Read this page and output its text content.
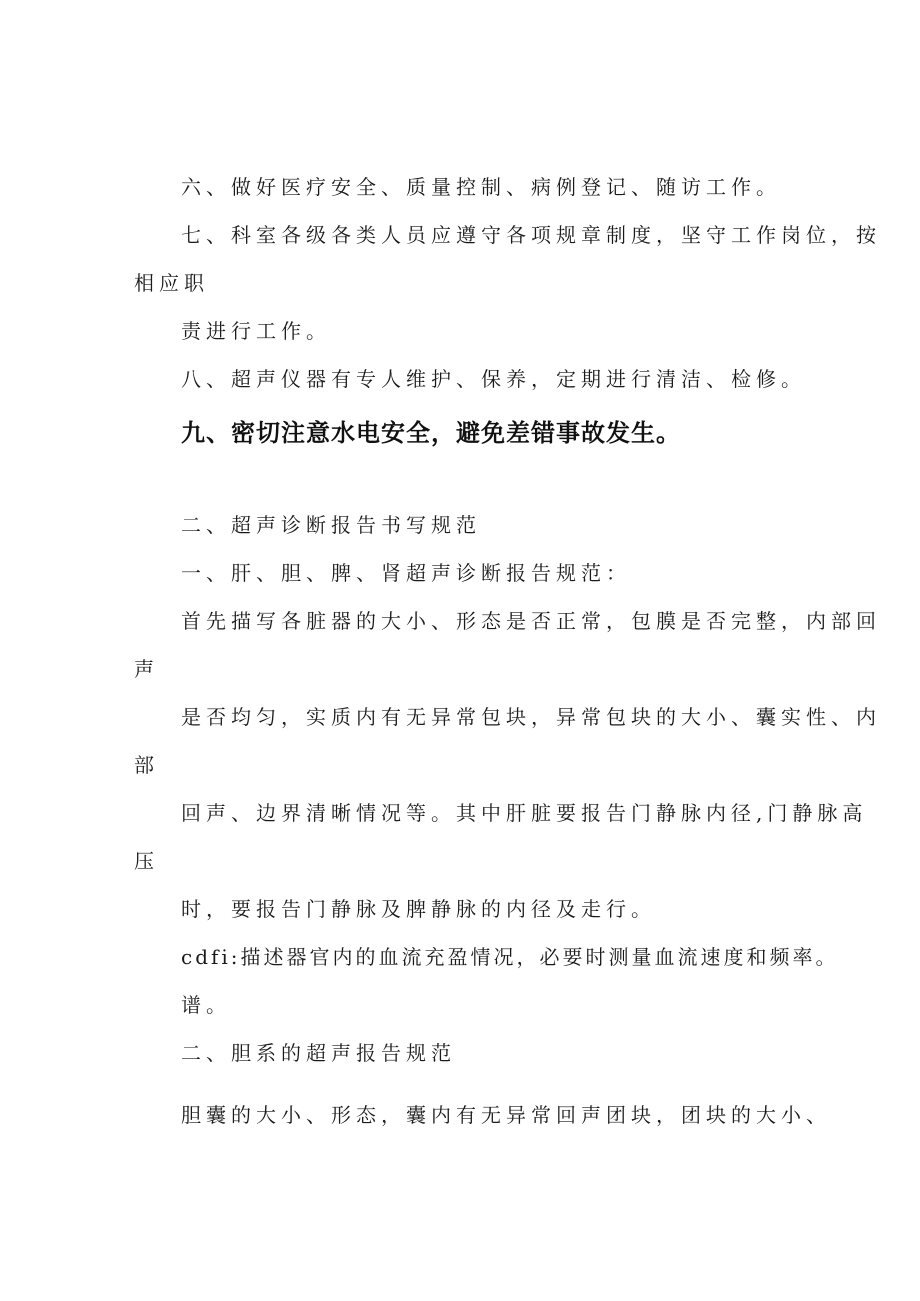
六、做好医疗安全、质量控制、病例登记、随访工作。
七、科室各级各类人员应遵守各项规章制度，坚守工作岗位，按
相应职
责进行工作。
八、超声仪器有专人维护、保养，定期进行清洁、检修。
九、密切注意水电安全，避免差错事故发生。
二、超声诊断报告书写规范
一、肝、胆、脾、肾超声诊断报告规范：
首先描写各脏器的大小、形态是否正常，包膜是否完整，内部回
声
是否均匀，实质内有无异常包块，异常包块的大小、囊实性、内
部
回声、边界清晰情况等。其中肝脏要报告门静脉内径,门静脉高
压
时，要报告门静脉及脾静脉的内径及走行。
cdfi:描述器官内的血流充盈情况，必要时测量血流速度和频率。
谱。
二、胆系的超声报告规范
胆囊的大小、形态，囊内有无异常回声团块，团块的大小、
